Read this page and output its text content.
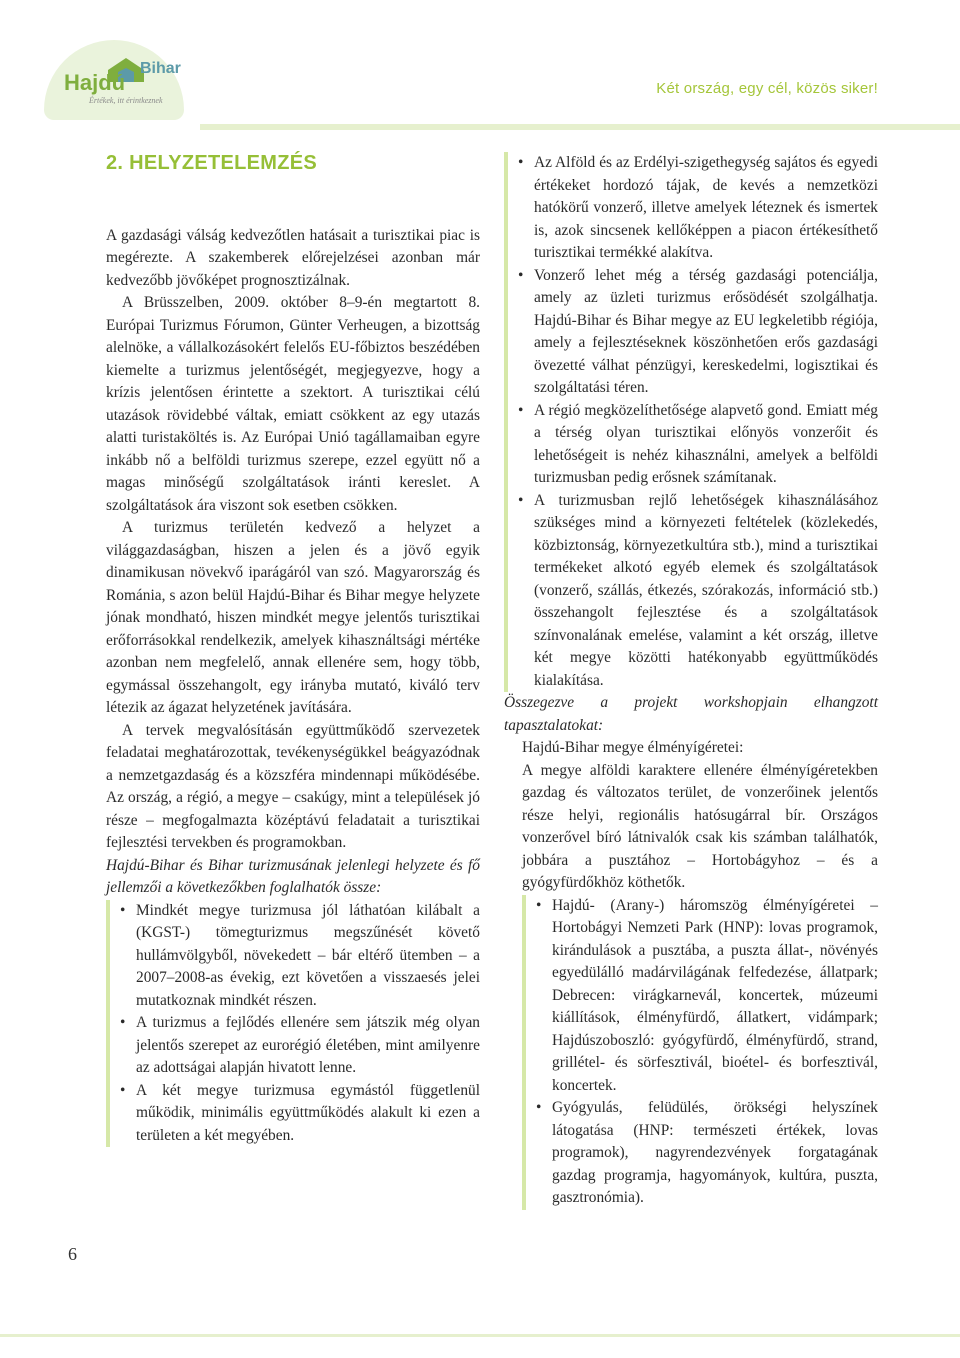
Hajdú
Bihar
Értékek, itt érintkeznek
Két ország, egy cél, közös siker!
2. HELYZETELEMZÉS

A gazdasági válság kedvezőtlen hatásait a turisztikai piac is megérezte. A szakemberek előrejelzései azonban már kedvezőbb jövőképet prognosztizálnak.

A Brüsszelben, 2009. október 8–9-én megtartott 8. Európai Turizmus Fórumon, Günter Verheugen, a bizottság alelnöke, a vállalkozásokért felelős EU-főbiztos beszédében kiemelte a turizmus jelentőségét, megjegyezve, hogy a krízis jelentősen érintette a szektort. A turisztikai célú utazások rövidebbé váltak, emiatt csökkent az egy utazás alatti turistaköltés is. Az Európai Unió tagállamaiban egyre inkább nő a belföldi turizmus szerepe, ezzel együtt nő a magas minőségű szolgáltatások iránti kereslet. A szolgáltatások ára viszont sok esetben csökken.

A turizmus területén kedvező a helyzet a világgazdaságban, hiszen a jelen és a jövő egyik dinamikusan növekvő iparágáról van szó. Magyarország és Románia, s azon belül Hajdú-Bihar és Bihar megye helyzete jónak mondható, hiszen mindkét megye jelentős turisztikai erőforrásokkal rendelkezik, amelyek kihasználtsági mértéke azonban nem megfelelő, annak ellenére sem, hogy több, egymással összehangolt, egy irányba mutató, kiváló terv létezik az ágazat helyzetének javítására.

A tervek megvalósításán együttműködő szervezetek feladatai meghatározottak, tevékenységükkel beágyazódnak a nemzetgazdaság és a közszféra mindennapi működésébe. Az ország, a régió, a megye – csakúgy, mint a települések jó része – megfogalmazta középtávú feladatait a turisztikai fejlesztési tervekben és programokban.

Hajdú-Bihar és Bihar turizmusának jelenlegi helyzete és fő jellemzői a következőkben foglalhatók össze:

• Mindkét megye turizmusa jól láthatóan kilábalt a (KGST-) tömegturizmus megszűnését követő hullámvölgyből, növekedett – bár eltérő ütemben – a 2007–2008-as évekig, ezt követően a visszaesés jelei mutatkoznak mindkét részen.
• A turizmus a fejlődés ellenére sem játszik még olyan jelentős szerepet az eurorégió életében, mint amilyenre az adottságai alapján hivatott lenne.
• A két megye turizmusa egymástól függetlenül működik, minimális együttműködés alakult ki ezen a területen a két megyében.
• Az Alföld és az Erdélyi-szigethegység sajátos és egyedi értékeket hordozó tájak, de kevés a nemzetközi hatókörű vonzerő, illetve amelyek léteznek és ismertek is, azok sincsenek kellőképpen a piacon értékesíthető turisztikai termékké alakítva.
• Vonzerő lehet még a térség gazdasági potenciálja, amely az üzleti turizmus erősödését szolgálhatja. Hajdú-Bihar és Bihar megye az EU legkeletibb régiója, amely a fejlesztéseknek köszönhetően erős gazdasági övezetté válhat pénzügyi, kereskedelmi, logisztikai és szolgáltatási téren.
• A régió megközelíthetősége alapvető gond. Emiatt még a térség olyan turisztikai előnyös vonzerőit és lehetőségeit is nehéz kihasználni, amelyek a belföldi turizmusban pedig erősnek számítanak.
• A turizmusban rejlő lehetőségek kihasználásához szükséges mind a környezeti feltételek (közlekedés, közbiztonság, környezetkultúra stb.), mind a turisztikai termékeket alkotó egyéb elemek és szolgáltatások (vonzerő, szállás, étkezés, szórakozás, információ stb.) összehangolt fejlesztése és a szolgáltatások színvonalának emelése, valamint a két ország, illetve két megye közötti hatékonyabb együttműködés kialakítása.

Összegezve a projekt workshopjain elhangzott tapasztalatokat:

Hajdú-Bihar megye élményígéretei:

A megye alföldi karaktere ellenére élményígéretekben gazdag és változatos terület, de vonzerőinek jelentős része helyi, regionális hatósugárral bír. Országos vonzerővel bíró látnivalók csak kis számban találhatók, jobbára a pusztához – Hortobágyhoz – és a gyógyfürdőkhöz köthetők.

• Hajdú- (Arany-) háromszög élményígéretei – Hortobágyi Nemzeti Park (HNP): lovas programok, kirándulások a pusztába, a puszta állat-, növényés egyedülálló madárvilágának felfedezése, állatpark; Debrecen: virágkarnevál, koncertek, múzeumi kiállítások, élményfürdő, állatkert, vidámpark; Hajdúszoboszló: gyógyfürdő, élményfürdő, strand, grillétel- és sörfesztivál, bioétel- és borfesztivál, koncertek.
• Gyógyulás, felüdülés, örökségi helyszínek látogatása (HNP: természeti értékek, lovas programok), nagyrendezvények forgatagának gazdag programja, hagyományok, kultúra, puszta, gasztronómia).
6
